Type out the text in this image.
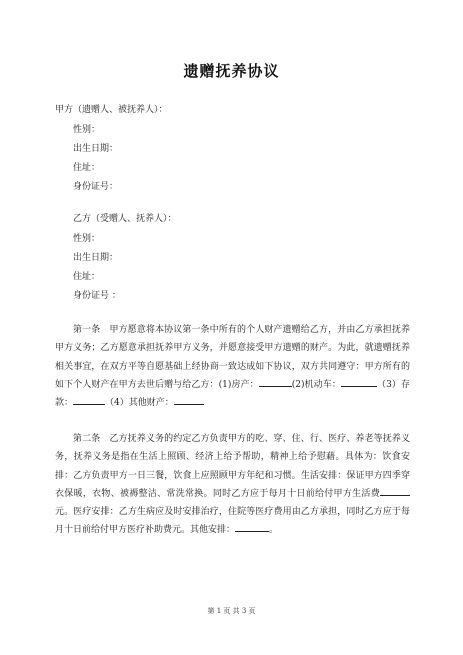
遗赠抚养协议
甲方（遗赠人、被抚养人）：
性别：
出生日期：
住址：
身份证号：
乙方（受赠人、抚养人）：
性别：
出生日期：
住址：
身份证号 ：
第一条　甲方愿意将本协议第一条中所有的个人财产遗赠给乙方，并由乙方承担抚养甲方义务；乙方愿意承担抚养甲方义务，并愿意接受甲方遗赠的财产。为此，就遗赠抚养相关事宜，在双方平等自愿基础上经协商一致达成如下协议，双方共同遵守：甲方所有的如下个人财产在甲方去世后赠与给乙方：(1)房产：	(2)机动车：	（3）存款：	（4）其他财产：
第二条　乙方抚养义务的约定乙方负责甲方的吃、穿、住、行、医疗、养老等抚养义务，抚养义务是指在生活上照顾、经济上给予帮助，精神上给予慰藉。具体为：饮食安排：乙方负责甲方一日三餐，饮食上应照顾甲方年纪和习惯。生活安排：保证甲方四季穿衣保暖，衣物、被褥整洁、常洗常换。同时乙方应于每月十日前给付甲方生活费元。医疗安排：乙方生病应及时安排治疗，住院等医疗费用由乙方承担，同时乙方应于每月十日前给付甲方医疗补助费元。其他安排：	。
第 1 页 共 3 页
